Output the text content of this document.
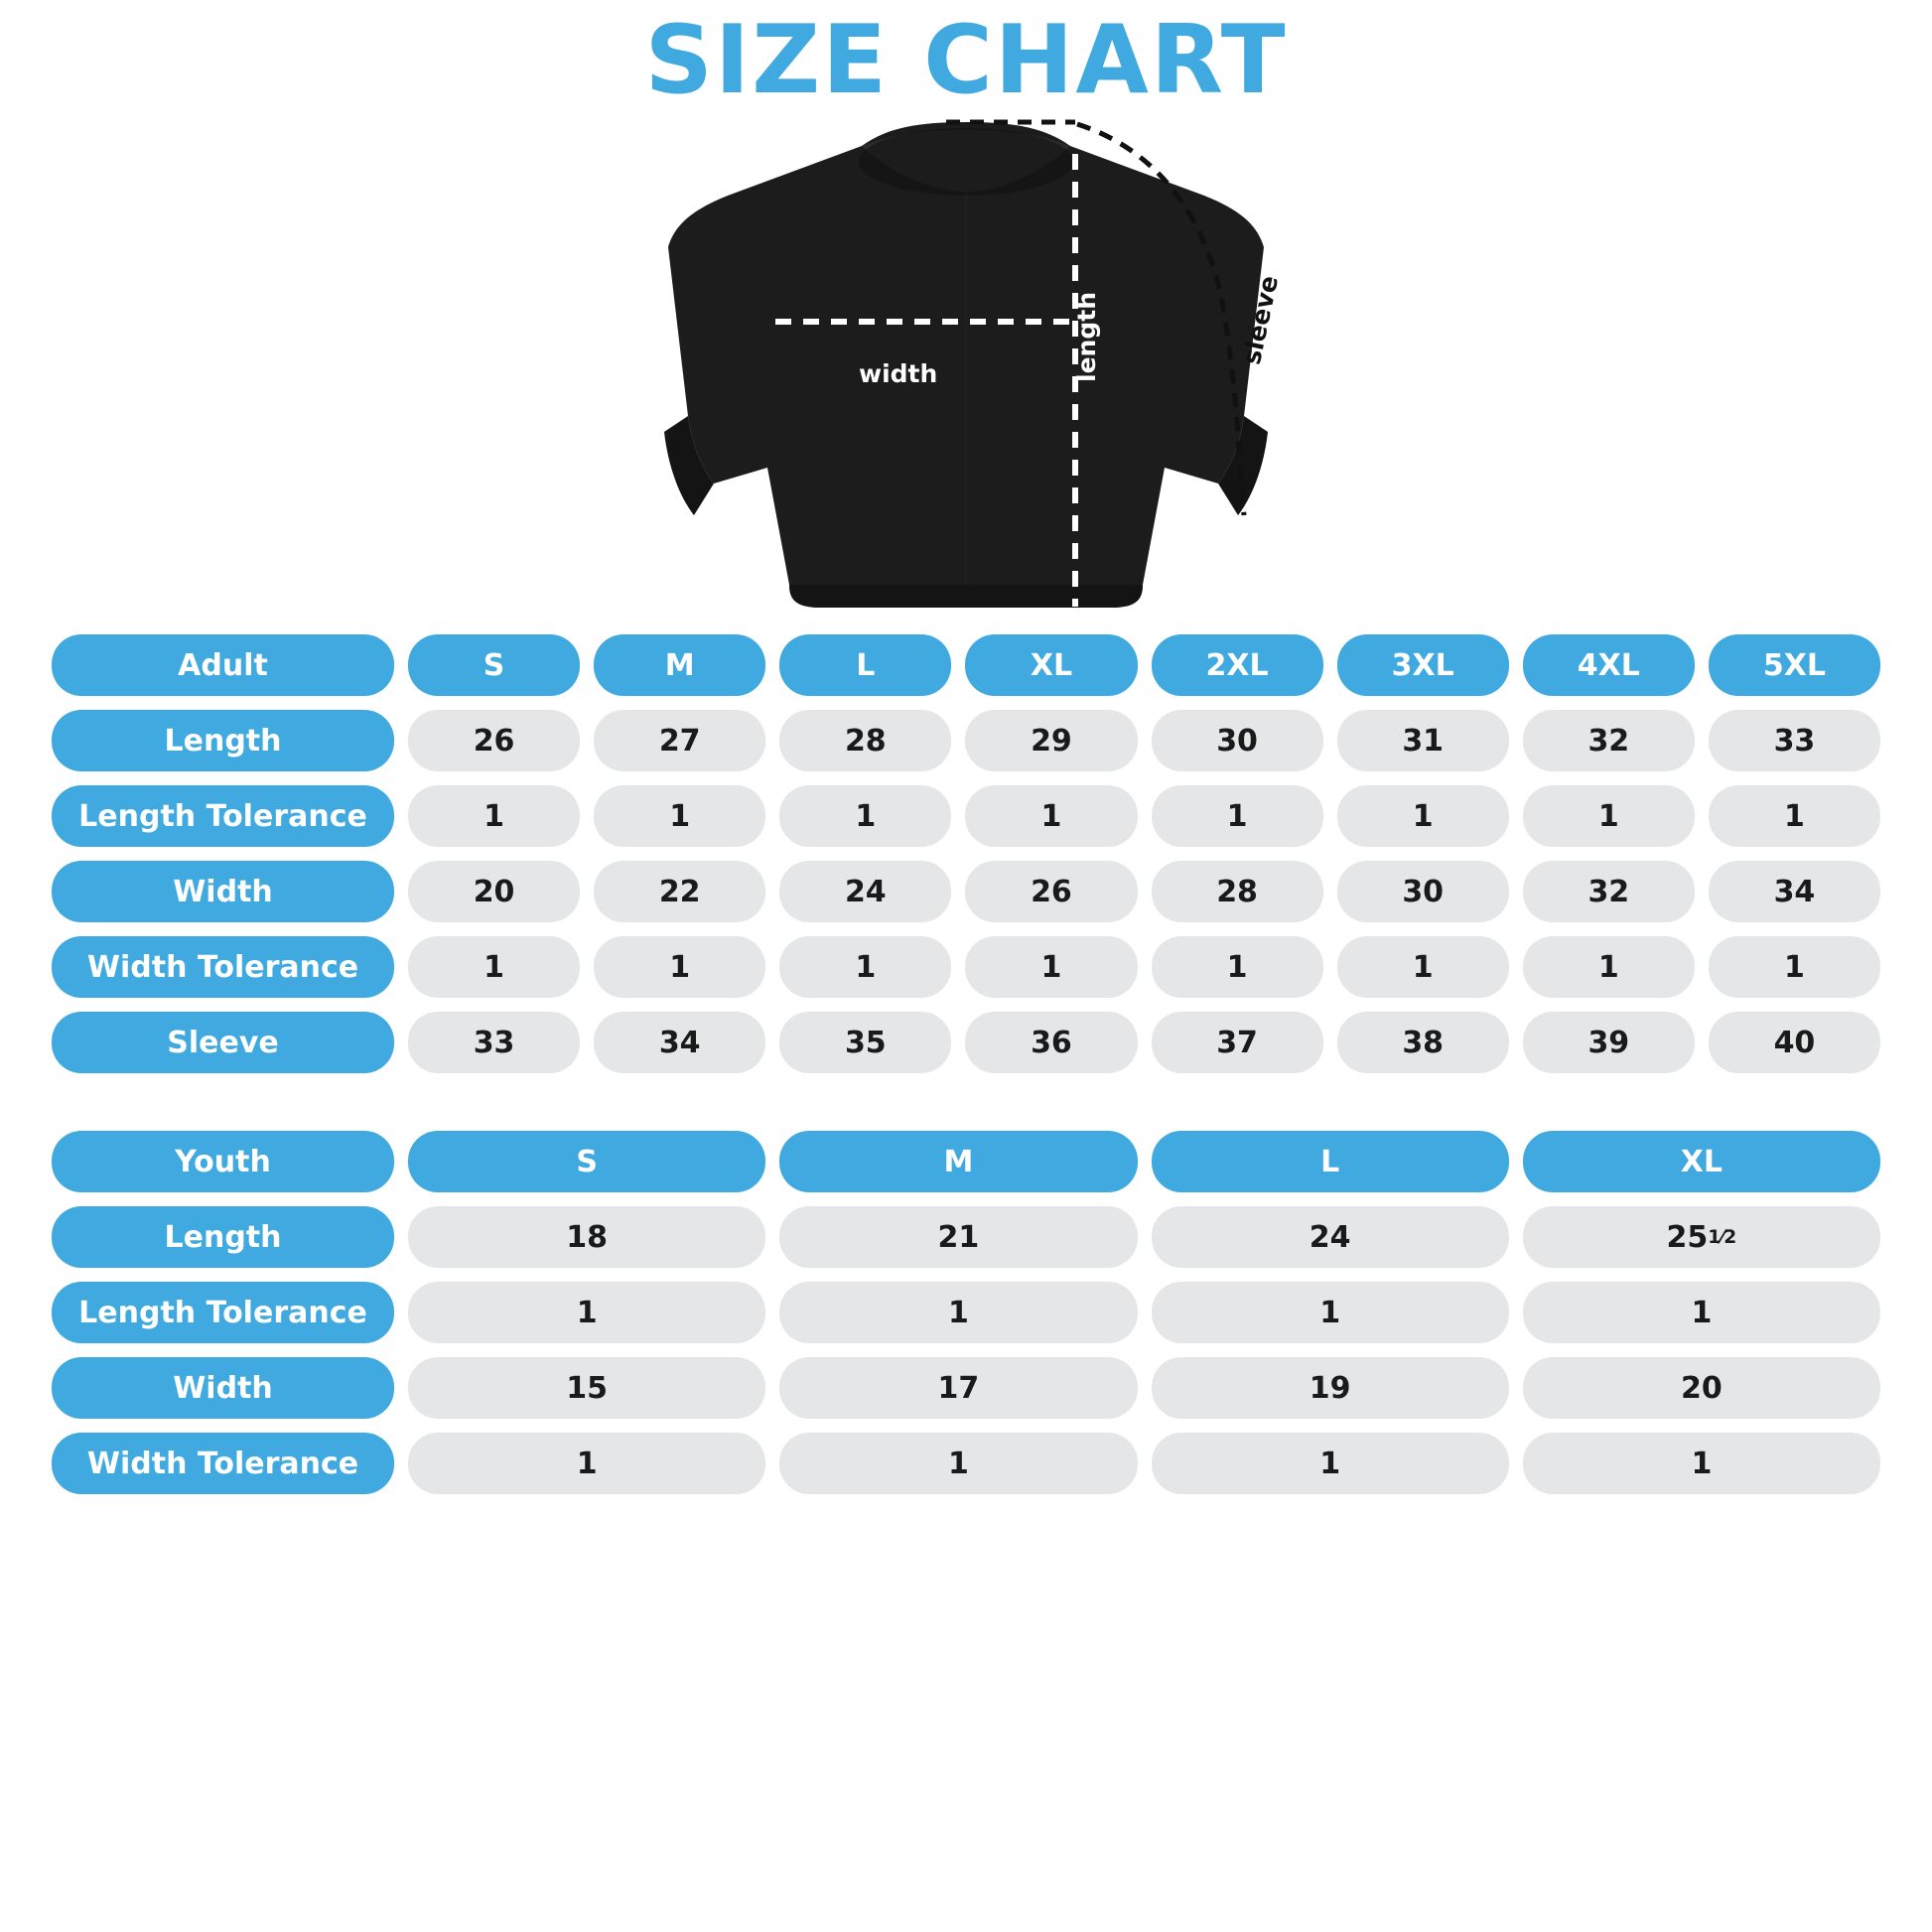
SIZE CHART
width	length	sleeve
Adult	S	M	L	XL	2XL	3XL	4XL	5XL
Length	26	27	28	29	30	31	32	33
Length Tolerance	1	1	1	1	1	1	1	1
Width	20	22	24	26	28	30	32	34
Width Tolerance	1	1	1	1	1	1	1	1
Sleeve	33	34	35	36	37	38	39	40
Youth	S	M	L	XL
Length	18	21	24	25 1⁄2
Length Tolerance	1	1	1	1
Width	15	17	19	20
Width Tolerance	1	1	1	1
